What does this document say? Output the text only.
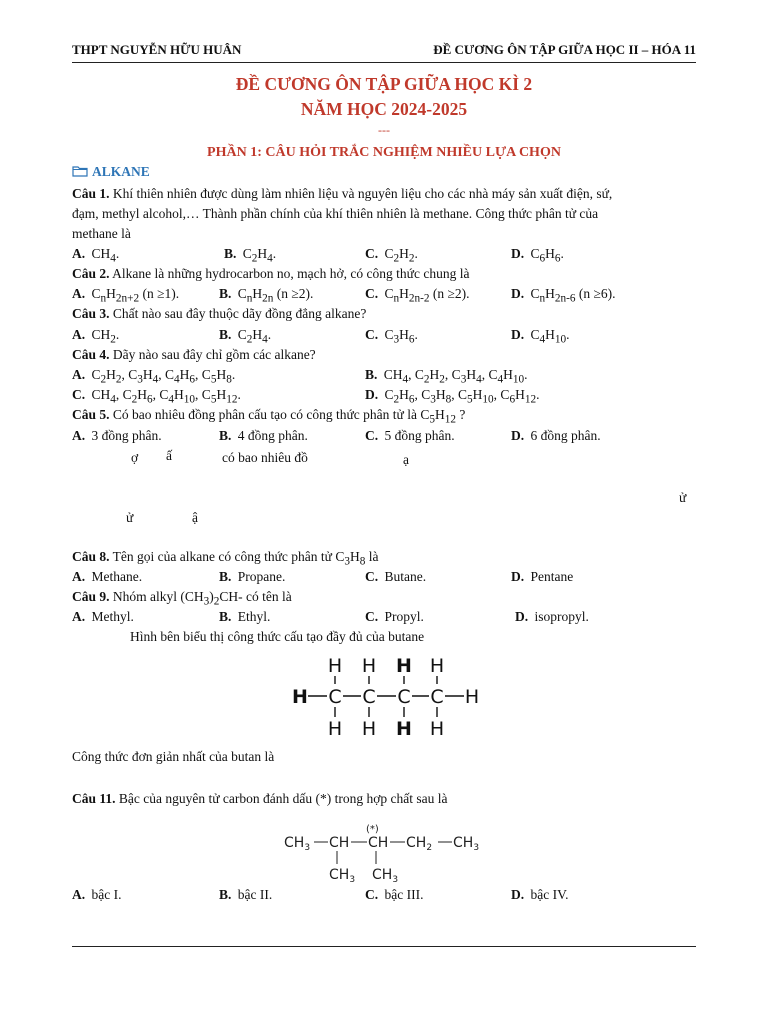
THPT NGUYỄN HỮU HUÂN	ĐỀ CƯƠNG ÔN TẬP GIỮA HỌC II – HÓA 11
ĐỀ CƯƠNG ÔN TẬP GIỮA HỌC KÌ 2
NĂM HỌC 2024-2025
---
PHẦN 1: CÂU HỎI TRẮC NGHIỆM NHIỀU LỰA CHỌN
ALKANE
Câu 1. Khí thiên nhiên được dùng làm nhiên liệu và nguyên liệu cho các nhà máy sản xuất điện, sứ,
đạm, methyl alcohol,… Thành phần chính của khí thiên nhiên là methane. Công thức phân tử của
methane là
A. $CH_4$.	B. $C_2H_4$.	C. $C_2H_2$.	D. $C_6H_6$.
Câu 2. Alkane là những hydrocarbon no, mạch hở, có công thức chung là
A. $C_nH_{2n+2}$ (n ≥1).	B. $C_nH_{2n}$ (n ≥2).	C. $C_nH_{2n-2}$ (n ≥2).	D. $C_nH_{2n-6}$ (n ≥6).
Câu 3. Chất nào sau đây thuộc dãy đồng đẳng alkane?
A. $CH_2$.	B. $C_2H_4$.	C. $C_3H_6$.	D. $C_4H_{10}$.
Câu 4. Dãy nào sau đây chỉ gồm các alkane?
A. $C_2H_2$, $C_3H_4$, $C_4H_6$, $C_5H_8$.	B. $CH_4$, $C_2H_2$, $C_3H_4$, $C_4H_{10}$.
C. $CH_4$, $C_2H_6$, $C_4H_{10}$, $C_5H_{12}$.	D. $C_2H_6$, $C_3H_8$, $C_5H_{10}$, $C_6H_{12}$.
Câu 5. Có bao nhiêu đồng phân cấu tạo có công thức phân tử là $C_5H_{12}$ ?
A. 3 đồng phân.	B. 4 đồng phân.	C. 5 đồng phân.	D. 6 đồng phân.
ợ ấ	có bao nhiêu đồ	ạ
ử
ử	ậ
Câu 8. Tên gọi của alkane có công thức phân tử $C_3H_8$ là
A. Methane.	B. Propane.	C. Butane.	D. Pentane
Câu 9. Nhóm alkyl $(CH_3)_2CH-$ có tên là
A. Methyl.	B. Ethyl.	C. Propyl.	D. isopropyl.
Hình bên biểu thị công thức cấu tạo đầy đủ của butane
H H H H
H C C C C H
H H H H
Công thức đơn giản nhất của butan là
Câu 11. Bậc của nguyên tử carbon đánh dấu (*) trong hợp chất sau là
(*)
$CH_3$ CH CH $CH_2$ $CH_3$
$CH_3$ $CH_3$
A. bậc I.	B. bậc II.	C. bậc III.	D. bậc IV.
